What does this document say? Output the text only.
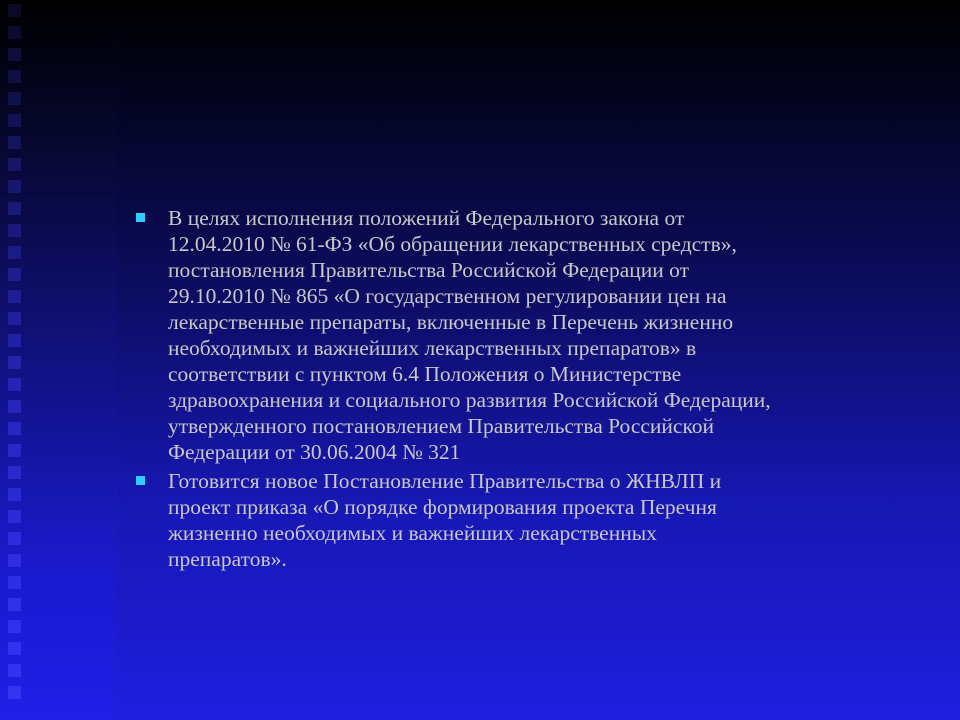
В целях исполнения положений Федерального закона от
12.04.2010 № 61-ФЗ «Об обращении лекарственных средств»,
постановления Правительства Российской Федерации от
29.10.2010 № 865 «О государственном регулировании цен на
лекарственные препараты, включенные в Перечень жизненно
необходимых и важнейших лекарственных препаратов» в
соответствии с пунктом 6.4 Положения о Министерстве
здравоохранения и социального развития Российской Федерации,
утвержденного постановлением Правительства Российской
Федерации от 30.06.2004 № 321
Готовится новое Постановление Правительства о ЖНВЛП и
проект приказа «О порядке формирования проекта Перечня
жизненно необходимых и важнейших лекарственных
препаратов».
